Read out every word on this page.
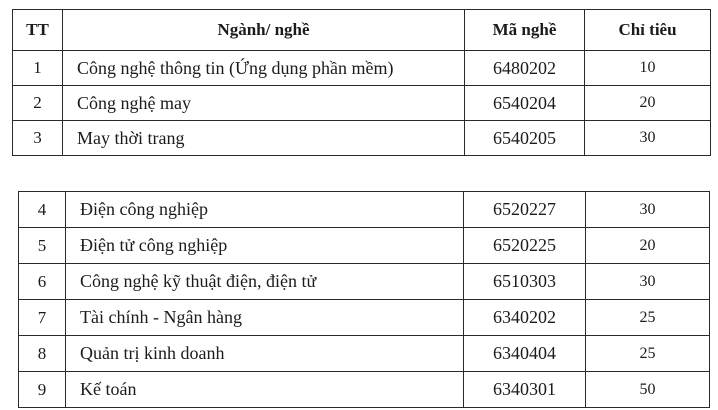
TT	Ngành/ nghề	Mã nghề	Chỉ tiêu
1	Công nghệ thông tin (Ứng dụng phần mềm)	6480202	10
2	Công nghệ may	6540204	20
3	May thời trang	6540205	30
4	Điện công nghiệp	6520227	30
5	Điện tử công nghiệp	6520225	20
6	Công nghệ kỹ thuật điện, điện tử	6510303	30
7	Tài chính - Ngân hàng	6340202	25
8	Quản trị kinh doanh	6340404	25
9	Kế toán	6340301	50
